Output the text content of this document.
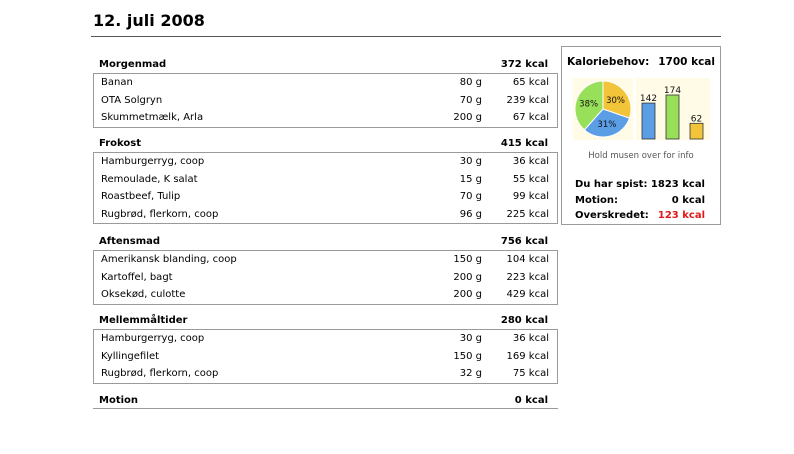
12. juli 2008
Morgenmad	372 kcal
Banan	80 g	65 kcal
OTA Solgryn	70 g 239 kcal
Skummetmælk, Arla	200 g	67 kcal
Frokost	415 kcal
Hamburgerryg, coop	30 g	36 kcal
Remoulade, K salat	15 g	55 kcal
Roastbeef, Tulip	70 g	99 kcal
Rugbrød, flerkorn, coop	96 g 225 kcal
Aftensmad	756 kcal
Amerikansk blanding, coop	150 g 104 kcal
Kartoffel, bagt	200 g 223 kcal
Oksekød, culotte	200 g 429 kcal
Mellemmåltider	280 kcal
Hamburgerryg, coop	30 g	36 kcal
Kyllingefilet	150 g 169 kcal
Rugbrød, flerkorn, coop	32 g	75 kcal
Motion	0 kcal
Kaloriebehov: 1700 kcal
30%
31%
38%
142
174
62
Hold musen over for info
Du har spist: 1823 kcal
Motion:	0 kcal
Overskredet: 123 kcal
